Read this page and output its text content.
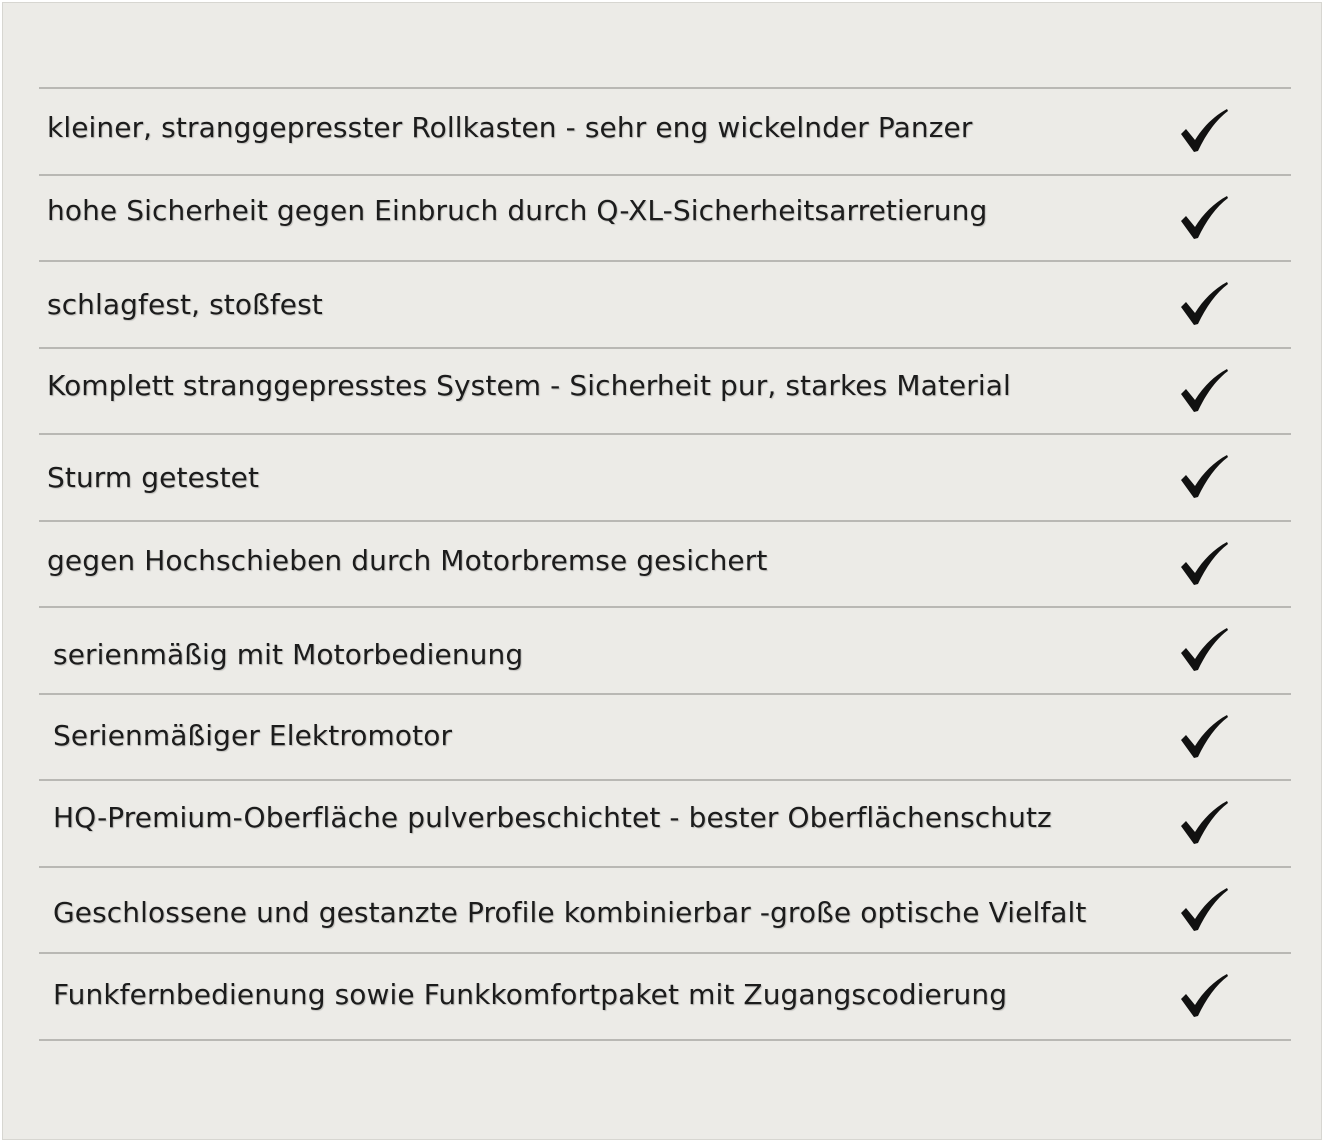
kleiner, stranggepresster Rollkasten - sehr eng wickelnder Panzer
hohe Sicherheit gegen Einbruch durch Q-XL-Sicherheitsarretierung
schlagfest, stoßfest
Komplett stranggepresstes System - Sicherheit pur, starkes Material
Sturm getestet
gegen Hochschieben durch Motorbremse gesichert
serienmäßig mit Motorbedienung
Serienmäßiger Elektromotor
HQ-Premium-Oberfläche pulverbeschichtet - bester Oberflächenschutz
Geschlossene und gestanzte Profile kombinierbar -große optische Vielfalt
Funkfernbedienung sowie Funkkomfortpaket mit Zugangscodierung
